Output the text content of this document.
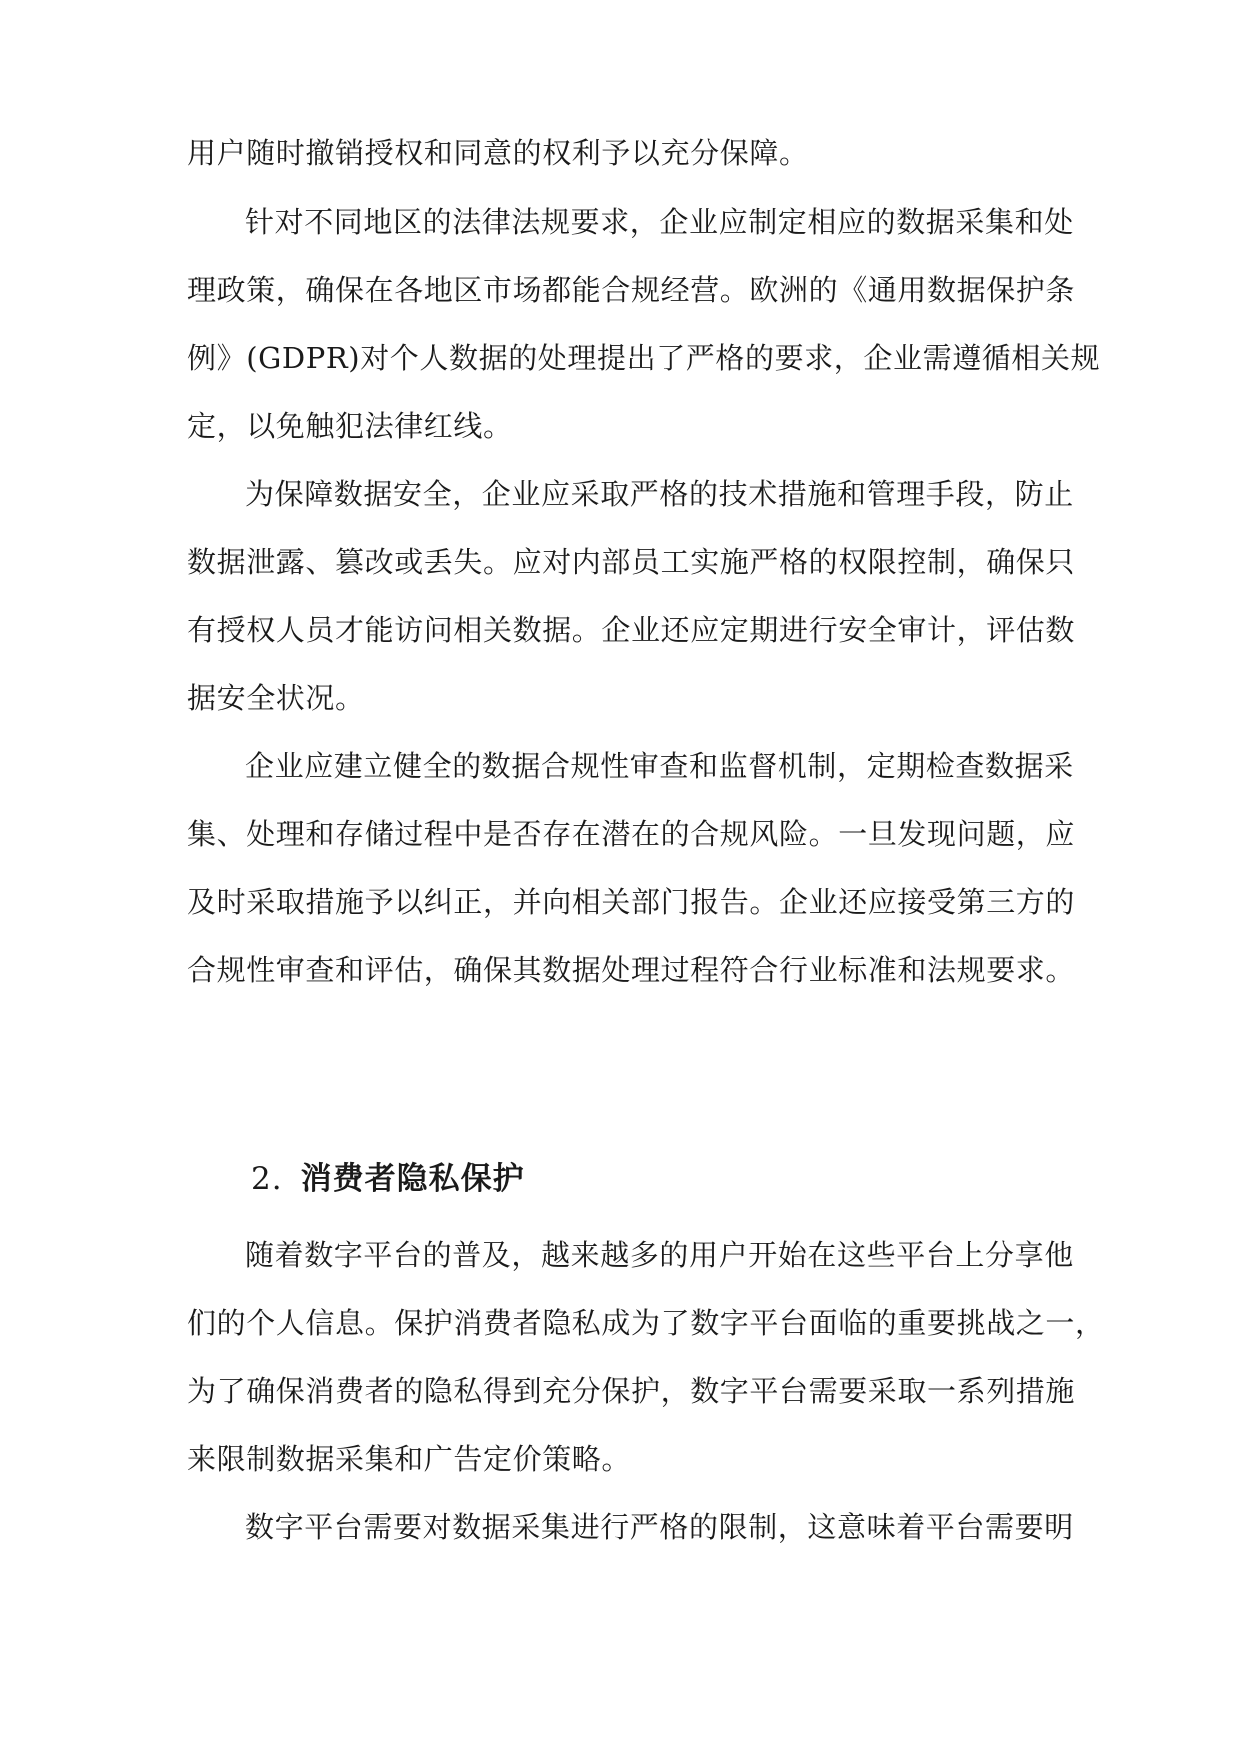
用户随时撤销授权和同意的权利予以充分保障。
针对不同地区的法律法规要求，企业应制定相应的数据采集和处
理政策，确保在各地区市场都能合规经营。欧洲的《通用数据保护条
例》(GDPR)对个人数据的处理提出了严格的要求，企业需遵循相关规
定，以免触犯法律红线。
为保障数据安全，企业应采取严格的技术措施和管理手段，防止
数据泄露、篡改或丢失。应对内部员工实施严格的权限控制，确保只
有授权人员才能访问相关数据。企业还应定期进行安全审计，评估数
据安全状况。
企业应建立健全的数据合规性审查和监督机制，定期检查数据采
集、处理和存储过程中是否存在潜在的合规风险。一旦发现问题，应
及时采取措施予以纠正，并向相关部门报告。企业还应接受第三方的
合规性审查和评估，确保其数据处理过程符合行业标准和法规要求。
2. 消费者隐私保护
随着数字平台的普及，越来越多的用户开始在这些平台上分享他
们的个人信息。保护消费者隐私成为了数字平台面临的重要挑战之一，
为了确保消费者的隐私得到充分保护，数字平台需要采取一系列措施
来限制数据采集和广告定价策略。
数字平台需要对数据采集进行严格的限制，这意味着平台需要明
